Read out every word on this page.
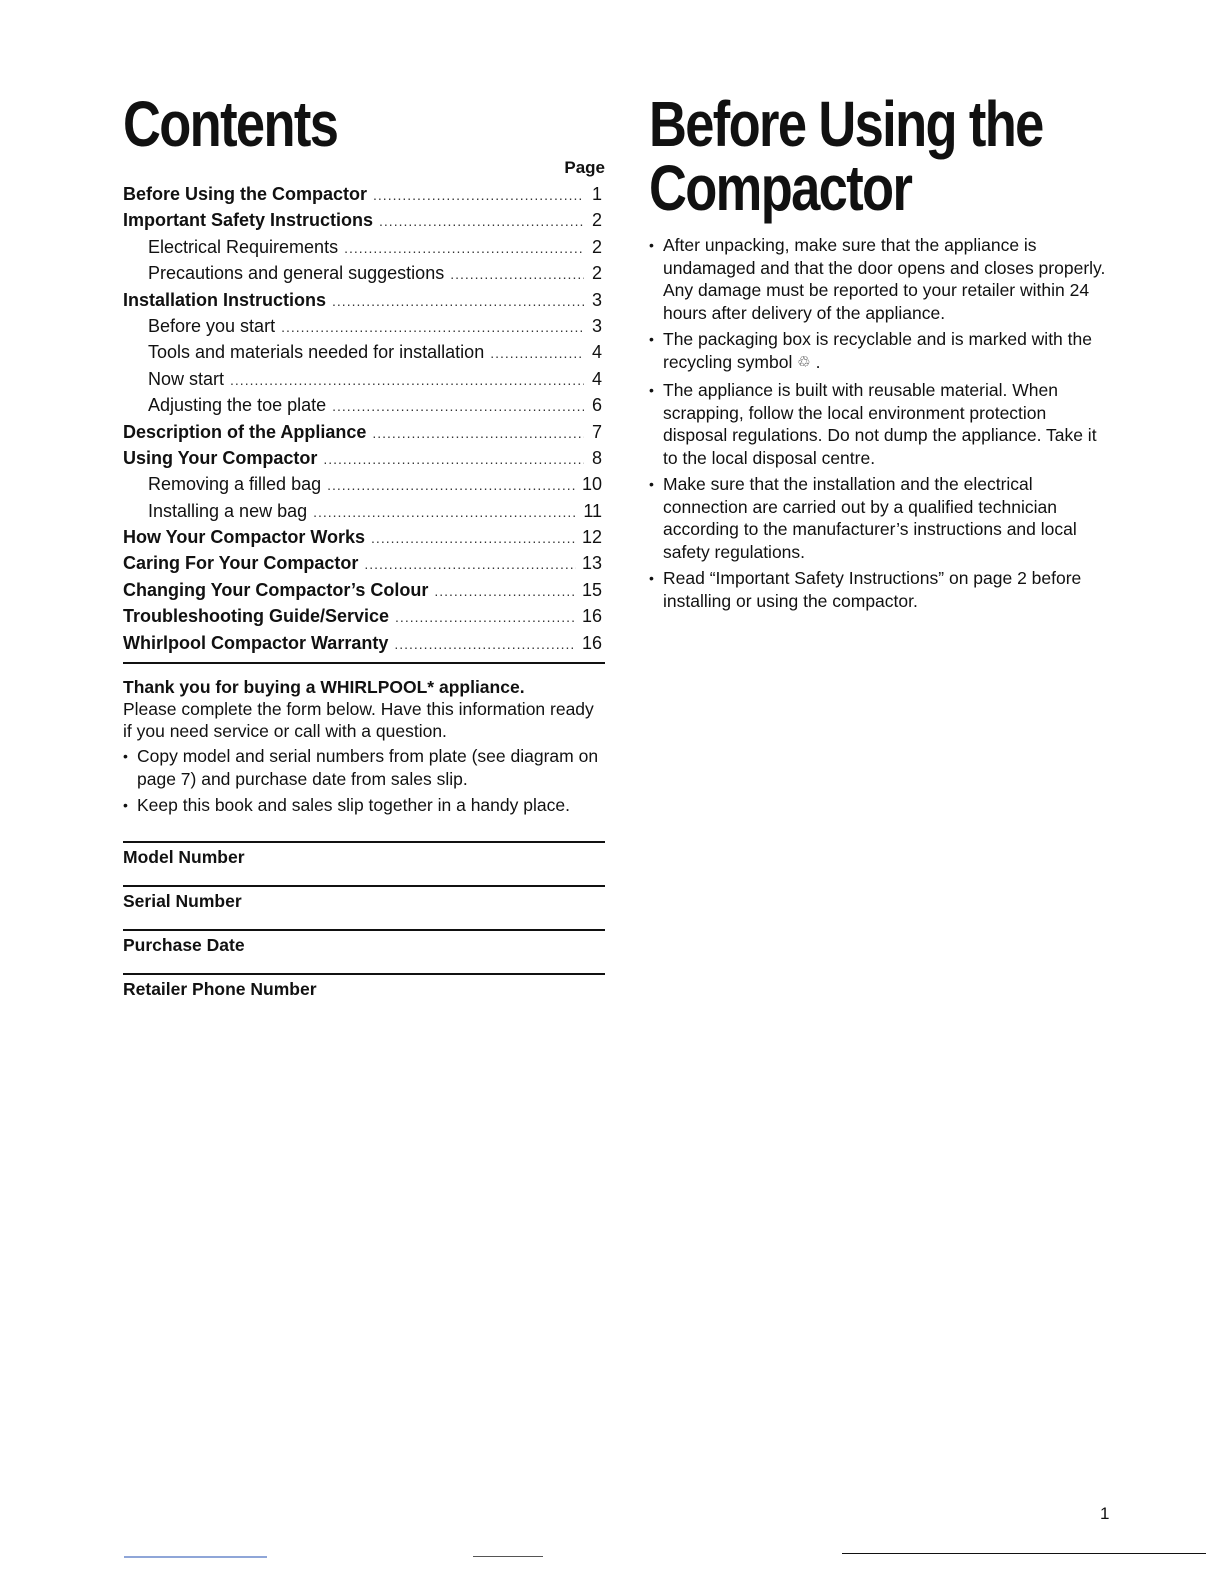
Contents
Page
Before Using the Compactor .....	1
Important Safety Instructions .....	2
Electrical Requirements .....	2
Precautions and general suggestions .....	2
Installation Instructions .....	3
Before you start .....	3
Tools and materials needed for installation .....	4
Now start .....	4
Adjusting the toe plate .....	6
Description of the Appliance .....	7
Using Your Compactor .....	8
Removing a filled bag .....	10
Installing a new bag .....	11
How Your Compactor Works .....	12
Caring For Your Compactor .....	13
Changing Your Compactor’s Colour .....	15
Troubleshooting Guide/Service .....	16
Whirlpool Compactor Warranty .....	16
Thank you for buying a WHIRLPOOL* appliance.
Please complete the form below. Have this information ready if you need service or call with a question.
• Copy model and serial numbers from plate (see diagram on page 7) and purchase date from sales slip.
• Keep this book and sales slip together in a handy place.
Model Number
Serial Number
Purchase Date
Retailer Phone Number
Before Using the
Compactor
• After unpacking, make sure that the appliance is undamaged and that the door opens and closes properly. Any damage must be reported to your retailer within 24 hours after delivery of the appliance.
• The packaging box is recyclable and is marked with the recycling symbol ♲ .
• The appliance is built with reusable material. When scrapping, follow the local environment protection disposal regulations. Do not dump the appliance. Take it to the local disposal centre.
• Make sure that the installation and the electrical connection are carried out by a qualified technician according to the manufacturer’s instructions and local safety regulations.
• Read “Important Safety Instructions” on page 2 before installing or using the compactor.
1
